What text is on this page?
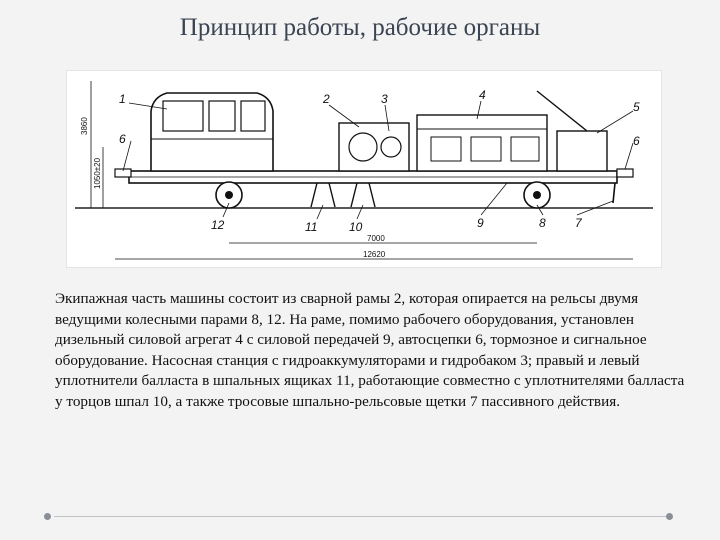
Принцип работы, рабочие органы
3860
1050±20
7000
12620
1	2	3	4
5
6	6
7
8
9
10
11
12
Экипажная часть машины состоит из сварной рамы 2, которая опирается на рельсы двумя ведущими колесными парами 8, 12. На раме, помимо рабочего оборудования, установлен дизельный силовой агрегат 4 с силовой передачей 9, автосцепки 6, тормозное и сигнальное оборудование. Насосная станция с гидроаккумуляторами и гидробаком 3; правый и левый уплотнители балласта в шпальных ящиках 11, работающие совместно с уплотнителями балласта у торцов шпал 10, а также тросовые шпально-рельсовые щетки 7 пассивного действия.
